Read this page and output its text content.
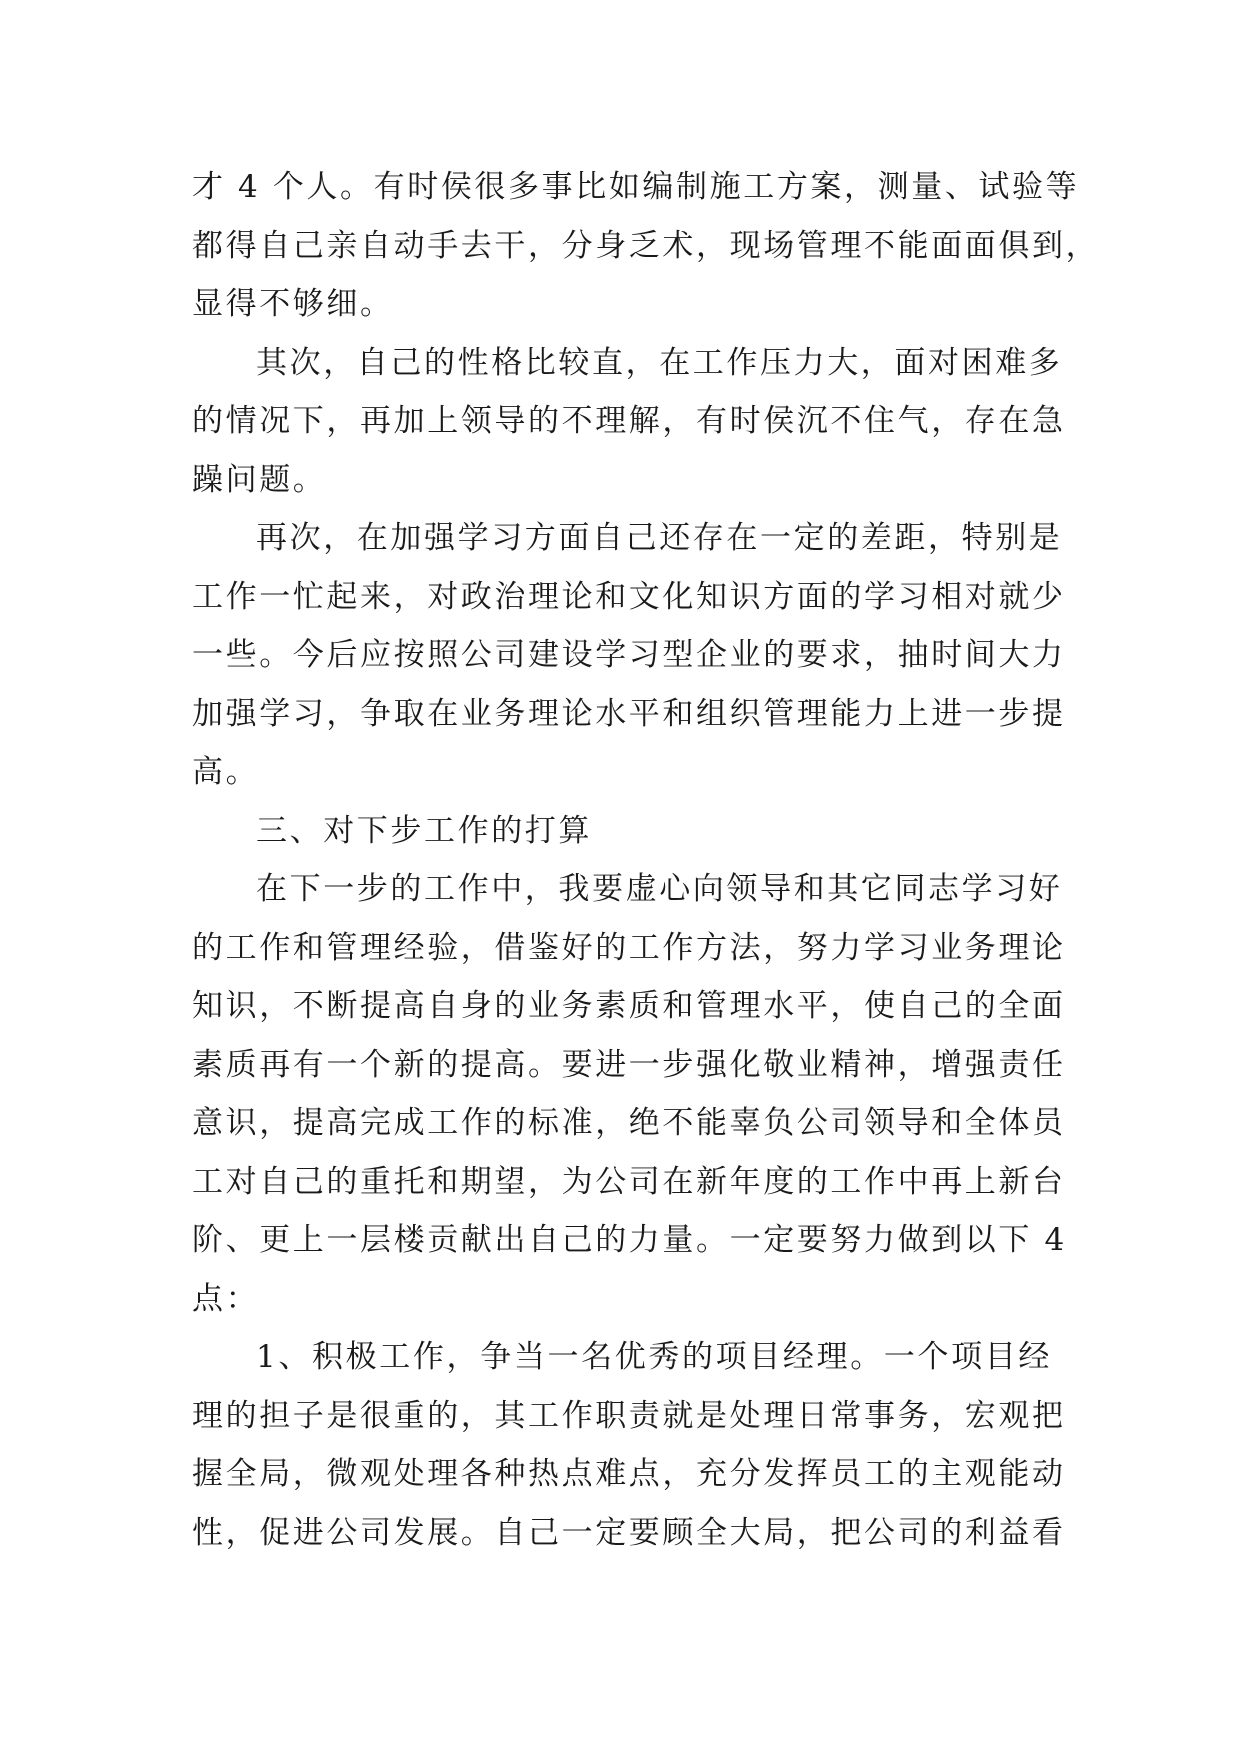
才 4 个人。有时侯很多事比如编制施工方案，测量、试验等
都得自己亲自动手去干，分身乏术，现场管理不能面面俱到，
显得不够细。
其次，自己的性格比较直，在工作压力大，面对困难多
的情况下，再加上领导的不理解，有时侯沉不住气，存在急
躁问题。
再次，在加强学习方面自己还存在一定的差距，特别是
工作一忙起来，对政治理论和文化知识方面的学习相对就少
一些。今后应按照公司建设学习型企业的要求，抽时间大力
加强学习，争取在业务理论水平和组织管理能力上进一步提
高。
三、对下步工作的打算
在下一步的工作中，我要虚心向领导和其它同志学习好
的工作和管理经验，借鉴好的工作方法，努力学习业务理论
知识，不断提高自身的业务素质和管理水平，使自己的全面
素质再有一个新的提高。要进一步强化敬业精神，增强责任
意识，提高完成工作的标准，绝不能辜负公司领导和全体员
工对自己的重托和期望，为公司在新年度的工作中再上新台
阶、更上一层楼贡献出自己的力量。一定要努力做到以下 4
点：
1、积极工作，争当一名优秀的项目经理。一个项目经
理的担子是很重的，其工作职责就是处理日常事务，宏观把
握全局，微观处理各种热点难点，充分发挥员工的主观能动
性，促进公司发展。自己一定要顾全大局，把公司的利益看
